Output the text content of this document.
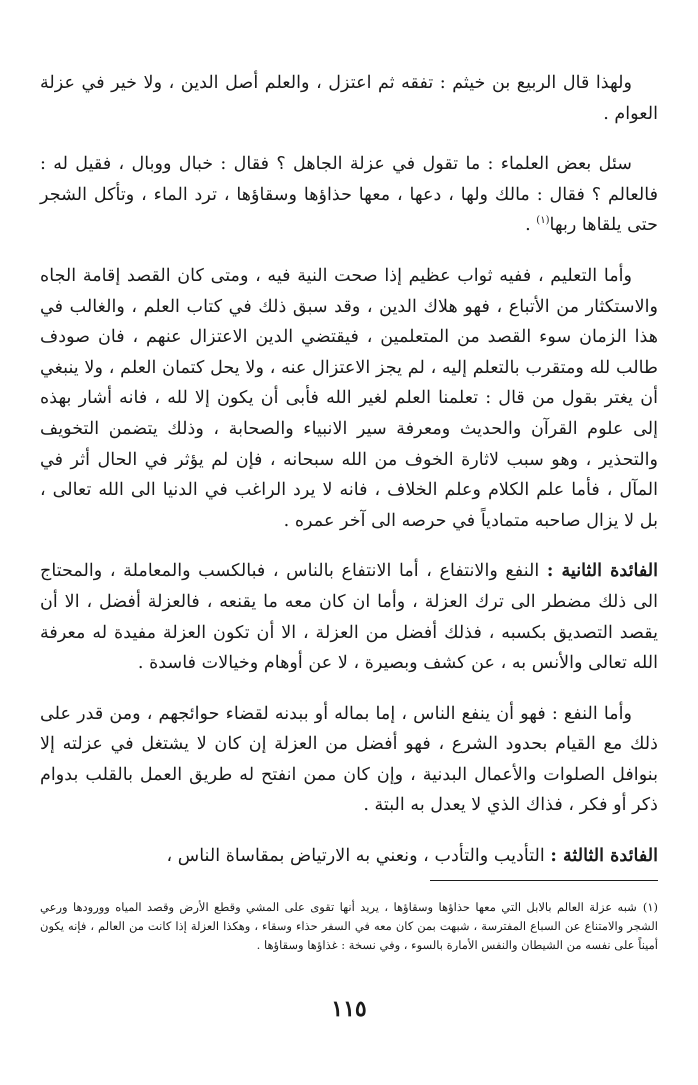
ولهذا قال الربيع بن خيثم : تفقه ثم اعتزل ، والعلم أصل الدين ، ولا خير في عزلة العوام .

سئل بعض العلماء : ما تقول في عزلة الجاهل ؟ فقال : خبال ووبال ، فقيل له : فالعالم ؟ فقال : مالك ولها ، دعها ، معها حذاؤها وسقاؤها ، ترد الماء ، وتأكل الشجر حتى يلقاها ربها$^{(١)}$ .

وأما التعليم ، ففيه ثواب عظيم إذا صحت النية فيه ، ومتى كان القصد إقامة الجاه والاستكثار من الأتباع ، فهو هلاك الدين ، وقد سبق ذلك في كتاب العلم ، والغالب في هذا الزمان سوء القصد من المتعلمين ، فيقتضي الدين الاعتزال عنهم ، فان صودف طالب لله ومتقرب بالتعلم إليه ، لم يجز الاعتزال عنه ، ولا يحل كتمان العلم ، ولا ينبغي أن يغتر بقول من قال : تعلمنا العلم لغير الله فأبى أن يكون إلا لله ، فانه أشار بهذه إلى علوم القرآن والحديث ومعرفة سير الانبياء والصحابة ، وذلك يتضمن التخويف والتحذير ، وهو سبب لاثارة الخوف من الله سبحانه ، فإن لم يؤثر في الحال أثر في المآل ، فأما علم الكلام وعلم الخلاف ، فانه لا يرد الراغب في الدنيا الى الله تعالى ، بل لا يزال صاحبه متمادياً في حرصه الى آخر عمره .

الفائدة الثانية : النفع والانتفاع ، أما الانتفاع بالناس ، فبالكسب والمعاملة ، والمحتاج الى ذلك مضطر الى ترك العزلة ، وأما ان كان معه ما يقنعه ، فالعزلة أفضل ، الا أن يقصد التصديق بكسبه ، فذلك أفضل من العزلة ، الا أن تكون العزلة مفيدة له معرفة الله تعالى والأنس به ، عن كشف وبصيرة ، لا عن أوهام وخيالات فاسدة .

وأما النفع : فهو أن ينفع الناس ، إما بماله أو ببدنه لقضاء حوائجهم ، ومن قدر على ذلك مع القيام بحدود الشرع ، فهو أفضل من العزلة إن كان لا يشتغل في عزلته إلا بنوافل الصلوات والأعمال البدنية ، وإن كان ممن انفتح له طريق العمل بالقلب بدوام ذكر أو فكر ، فذاك الذي لا يعدل به البتة .

الفائدة الثالثة : التأديب والتأدب ، ونعني به الارتياض بمقاساة الناس ،

(١)شبه عزلة العالم بالابل التي معها حذاؤها وسقاؤها ، يريد أنها تقوى على المشي وقطع الأرض وقصد المياه وورودها ورعي الشجر والامتناع عن السباع المفترسة ، شبهت بمن كان معه في السفر حذاء وسقاء ، وهكذا العزلة إذا كانت من العالم ، فإنه يكون أميناً على نفسه من الشيطان والنفس الأمارة بالسوء ، وفي نسخة : غذاؤها وسقاؤها .
١١٥
